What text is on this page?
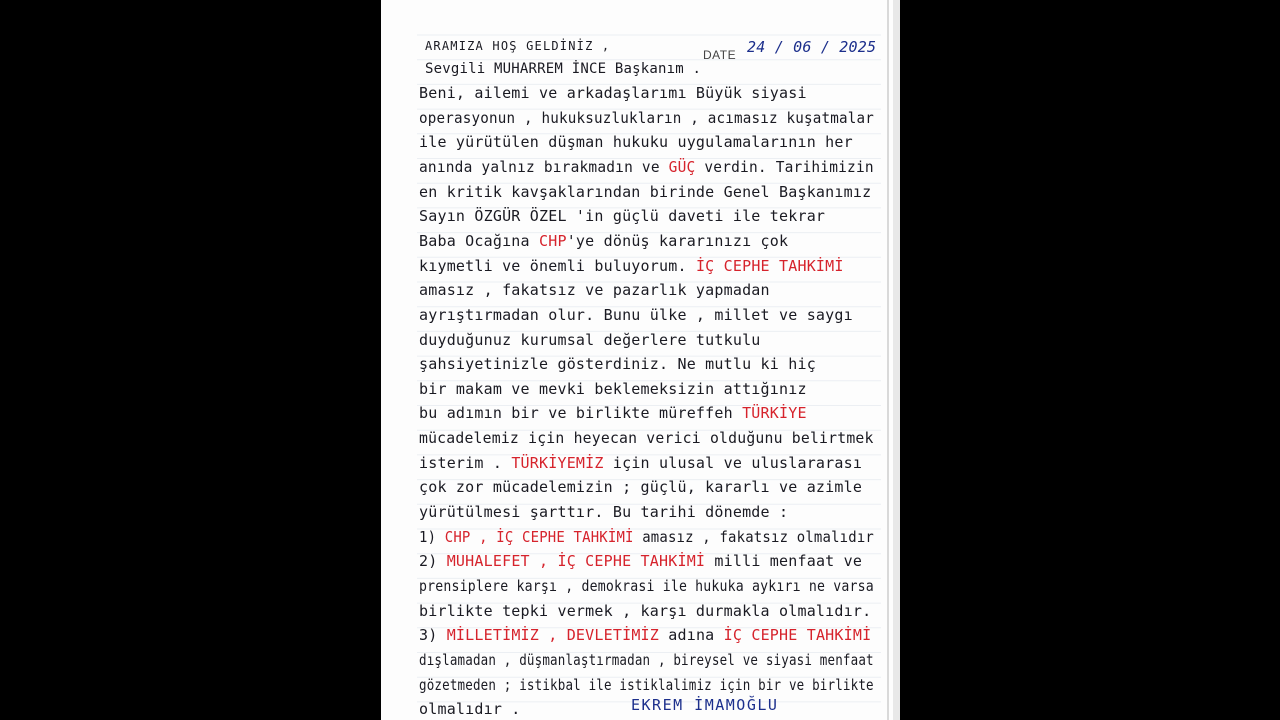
ARAMIZA HOŞ GELDİNİZ ,
DATE 24 / 06 / 2025
Sevgili MUHARREM İNCE Başkanım .
Beni, ailemi ve arkadaşlarımı Büyük siyasi
operasyonun , hukuksuzlukların , acımasız kuşatmalar
ile yürütülen düşman hukuku uygulamalarının her
anında yalnız bırakmadın ve GÜÇ verdin. Tarihimizin
en kritik kavşaklarından birinde Genel Başkanımız
Sayın ÖZGÜR ÖZEL 'in güçlü daveti ile tekrar
Baba Ocağına CHP'ye dönüş kararınızı çok
kıymetli ve önemli buluyorum. İÇ CEPHE TAHKİMİ
amasız , fakatsız ve pazarlık yapmadan
ayrıştırmadan olur. Bunu ülke , millet ve saygı
duyduğunuz kurumsal değerlere tutkulu
şahsiyetinizle gösterdiniz. Ne mutlu ki hiç
bir makam ve mevki beklemeksizin attığınız
bu adımın bir ve birlikte müreffeh TÜRKİYE
mücadelemiz için heyecan verici olduğunu belirtmek
isterim . TÜRKİYEMİZ için ulusal ve uluslararası
çok zor mücadelemizin ; güçlü, kararlı ve azimle
yürütülmesi şarttır. Bu tarihi dönemde :
1) CHP , İÇ CEPHE TAHKİMİ amasız , fakatsız olmalıdır
2) MUHALEFET , İÇ CEPHE TAHKİMİ milli menfaat ve
prensiplere karşı , demokrasi ile hukuka aykırı ne varsa
birlikte tepki vermek , karşı durmakla olmalıdır.
3) MİLLETİMİZ , DEVLETİMİZ adına İÇ CEPHE TAHKİMİ
dışlamadan , düşmanlaştırmadan , bireysel ve siyasi menfaat
gözetmeden ; istikbal ile istiklalimiz için bir ve birlikte
olmalıdır .	EKREM İMAMOĞLU
